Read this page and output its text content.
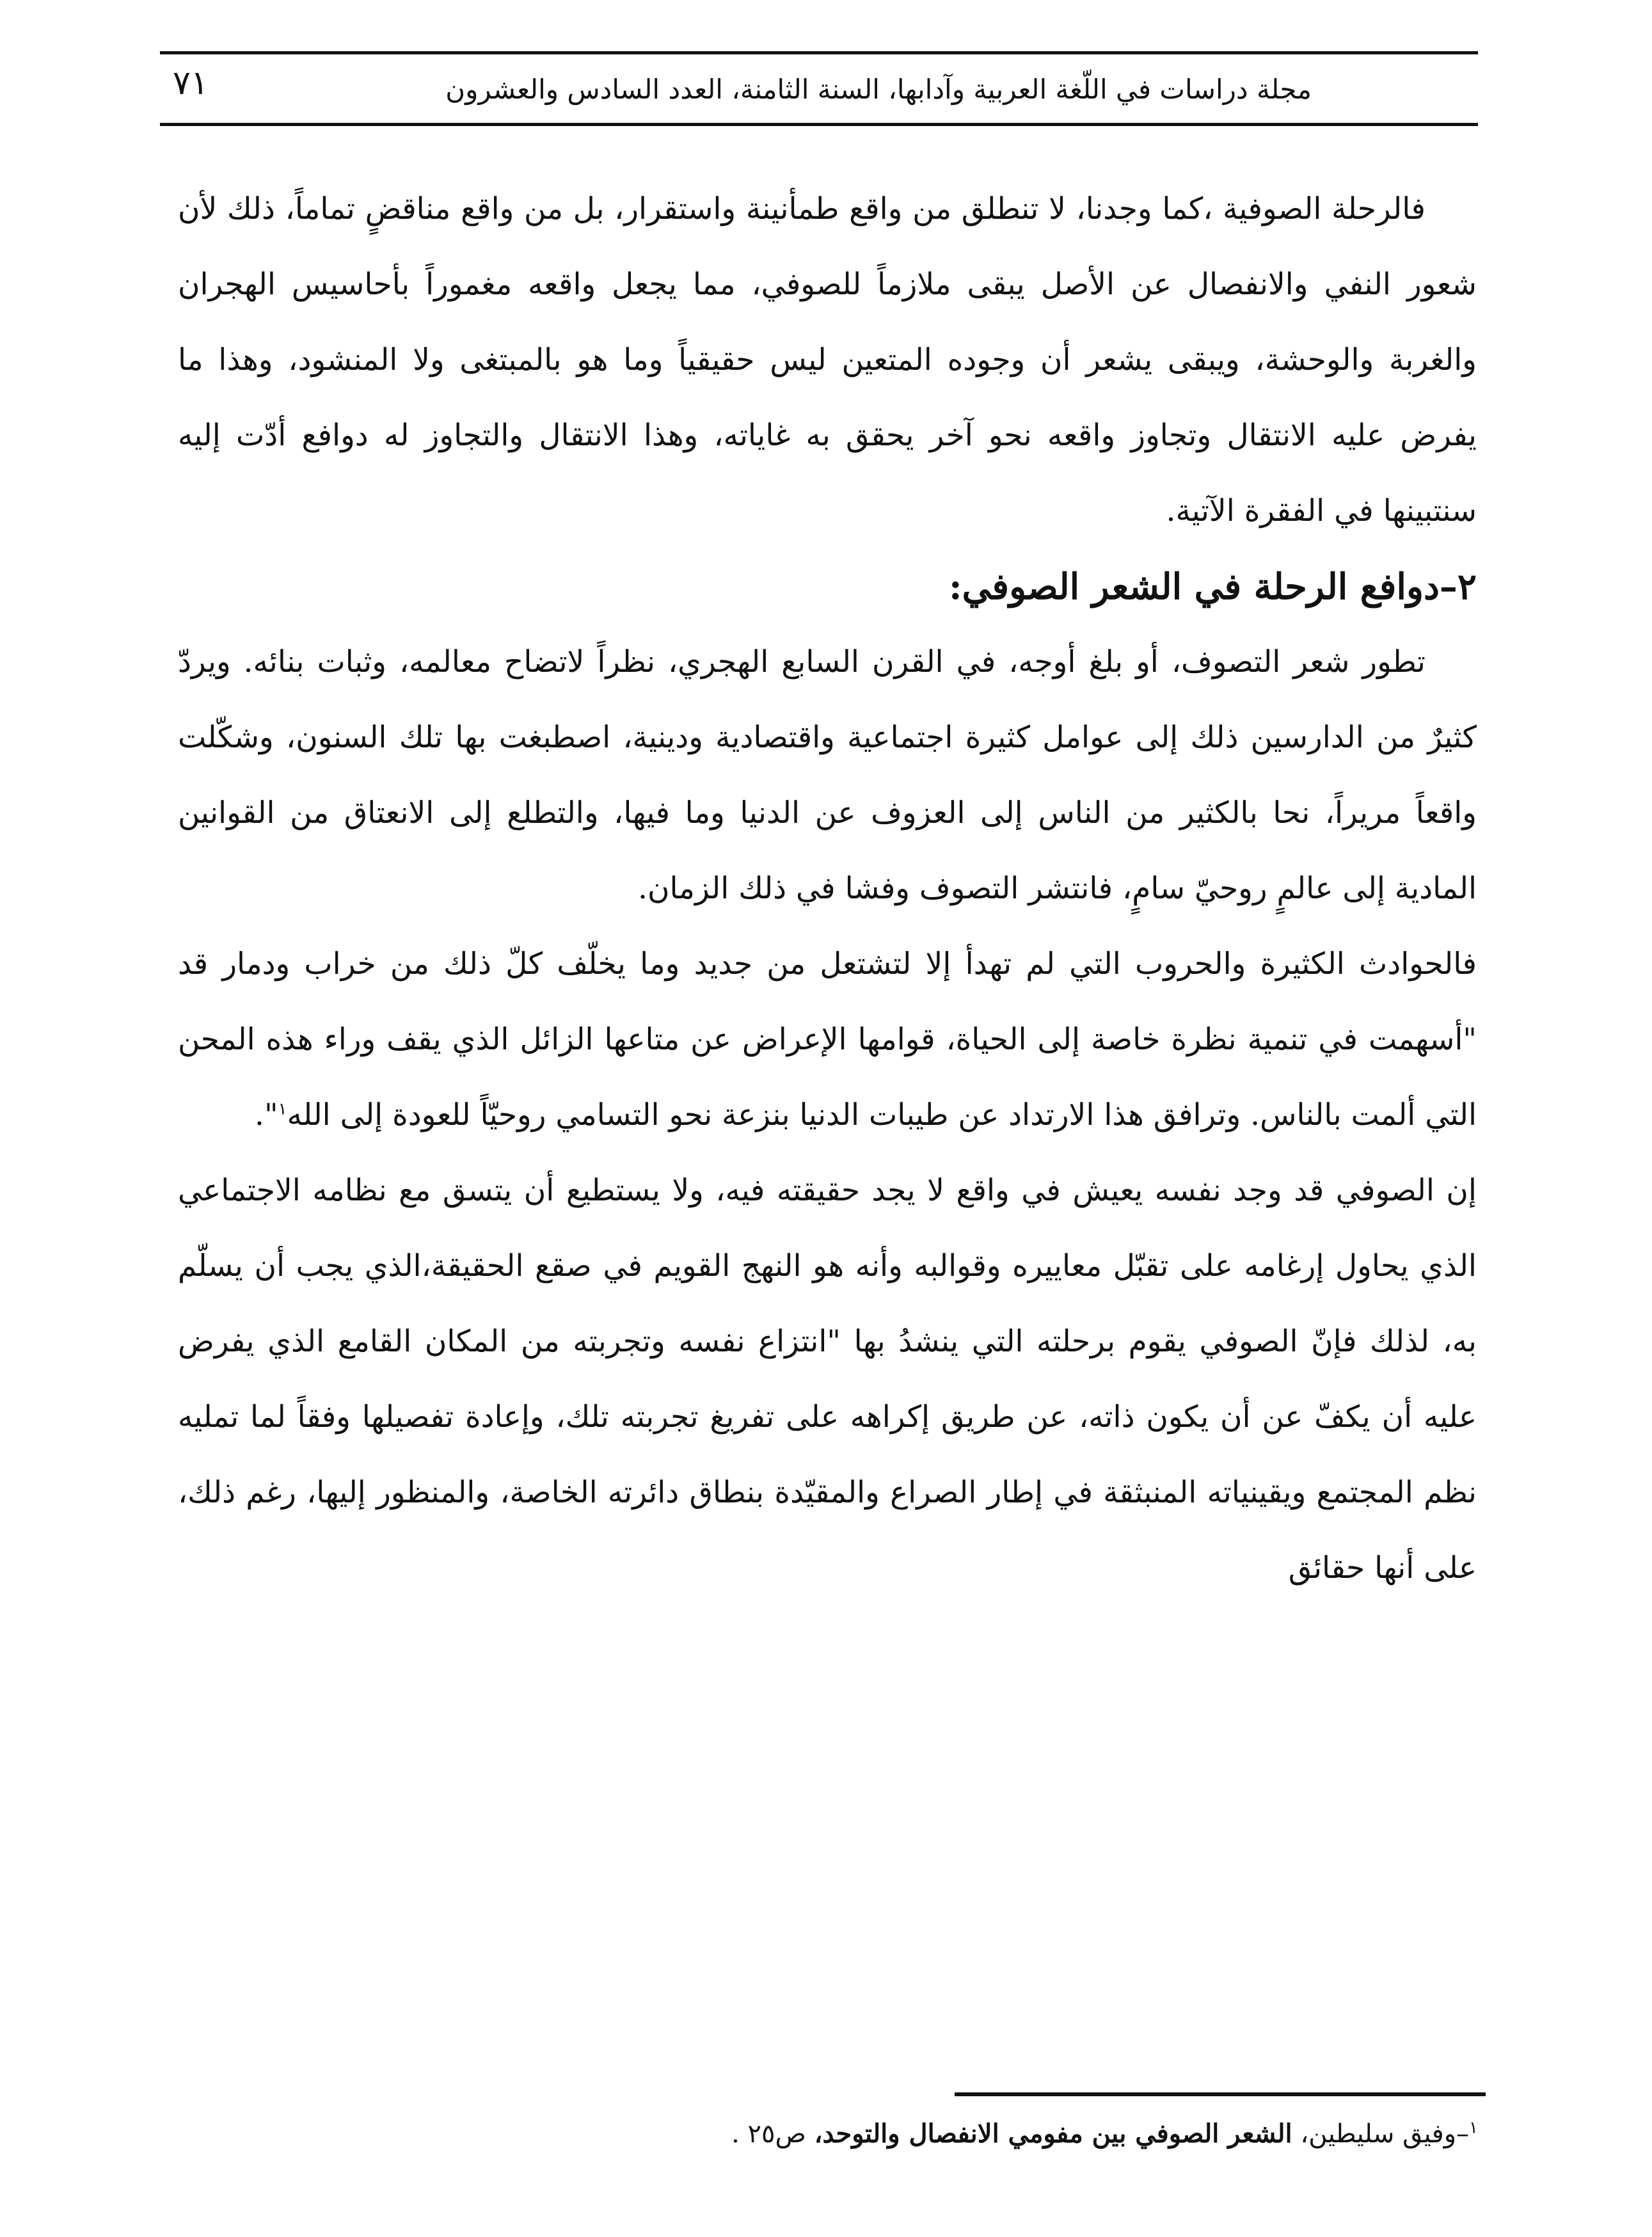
٧١	مجلة دراسات في اللّغة العربية وآدابها، السنة الثامنة، العدد السادس والعشرون

فالرحلة الصوفية ،كما وجدنا، لا تنطلق من واقع طمأنينة واستقرار، بل من واقع مناقضٍ تماماً، ذلك لأن شعور النفي والانفصال عن الأصل يبقى ملازماً للصوفي، مما يجعل واقعه مغموراً بأحاسيس الهجران والغربة والوحشة، ويبقى يشعر أن وجوده المتعين ليس حقيقياً وما هو بالمبتغى ولا المنشود، وهذا ما يفرض عليه الانتقال وتجاوز واقعه نحو آخر يحقق به غاياته، وهذا الانتقال والتجاوز له دوافع أدّت إليه سنتبينها في الفقرة الآتية.

٢–دوافع الرحلة في الشعر الصوفي:

تطور شعر التصوف، أو بلغ أوجه، في القرن السابع الهجري، نظراً لاتضاح معالمه، وثبات بنائه. ويردّ كثيرٌ من الدارسين ذلك إلى عوامل كثيرة اجتماعية واقتصادية ودينية، اصطبغت بها تلك السنون، وشكّلت واقعاً مريراً، نحا بالكثير من الناس إلى العزوف عن الدنيا وما فيها، والتطلع إلى الانعتاق من القوانين المادية إلى عالمٍ روحيّ سامٍ، فانتشر التصوف وفشا في ذلك الزمان.

فالحوادث الكثيرة والحروب التي لم تهدأ إلا لتشتعل من جديد وما يخلّف كلّ ذلك من خراب ودمار قد "أسهمت في تنمية نظرة خاصة إلى الحياة، قوامها الإعراض عن متاعها الزائل الذي يقف وراء هذه المحن التي ألمت بالناس. وترافق هذا الارتداد عن طيبات الدنيا بنزعة نحو التسامي روحيّاً للعودة إلى الله$^١$".

إن الصوفي قد وجد نفسه يعيش في واقع لا يجد حقيقته فيه، ولا يستطيع أن يتسق مع نظامه الاجتماعي الذي يحاول إرغامه على تقبّل معاييره وقوالبه وأنه هو النهج القويم في صقع الحقيقة،الذي يجب أن يسلّم به، لذلك فإنّ الصوفي يقوم برحلته التي ينشدُ بها "انتزاع نفسه وتجربته من المكان القامع الذي يفرض عليه أن يكفّ عن أن يكون ذاته، عن طريق إكراهه على تفريغ تجربته تلك، وإعادة تفصيلها وفقاً لما تمليه نظم المجتمع ويقينياته المنبثقة في إطار الصراع والمقيّدة بنطاق دائرته الخاصة، والمنظور إليها، رغم ذلك، على أنها حقائق

$^١$–وفيق سليطين، الشعر الصوفي بين مفومي الانفصال والتوحد، ص٢٥ .
